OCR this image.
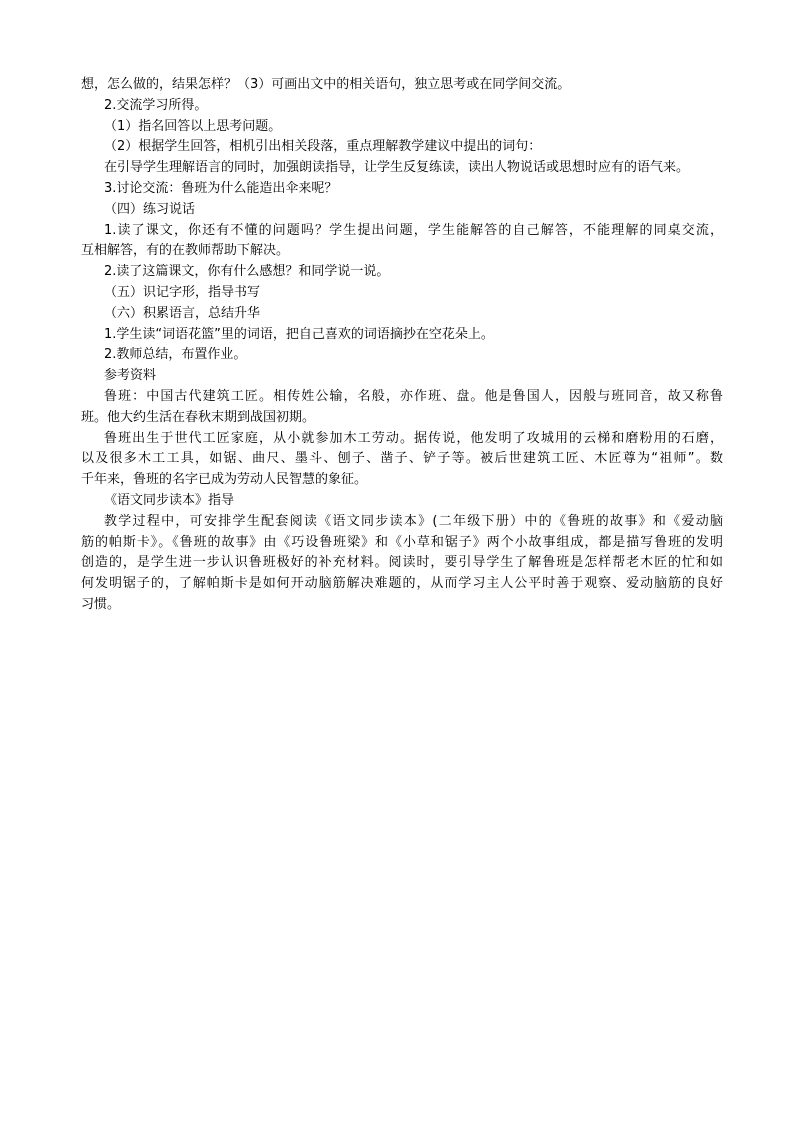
想，怎么做的，结果怎样？（3）可画出文中的相关语句，独立思考或在同学间交流。
2.交流学习所得。
（1）指名回答以上思考问题。
（2）根据学生回答，相机引出相关段落，重点理解教学建议中提出的词句：
在引导学生理解语言的同时，加强朗读指导，让学生反复练读，读出人物说话或思想时应有的语气来。
3.讨论交流：鲁班为什么能造出伞来呢？
（四）练习说话
1.读了课文，你还有不懂的问题吗？学生提出问题，学生能解答的自己解答，不能理解的同桌交流，
互相解答，有的在教师帮助下解决。
2.读了这篇课文，你有什么感想？和同学说一说。
（五）识记字形，指导书写
（六）积累语言，总结升华
1.学生读“词语花篮”里的词语，把自己喜欢的词语摘抄在空花朵上。
2.教师总结，布置作业。
参考资料
鲁班：中国古代建筑工匠。相传姓公输，名般，亦作班、盘。他是鲁国人，因般与班同音，故又称鲁
班。他大约生活在春秋末期到战国初期。
鲁班出生于世代工匠家庭，从小就参加木工劳动。据传说，他发明了攻城用的云梯和磨粉用的石磨，
以及很多木工工具，如锯、曲尺、墨斗、刨子、凿子、铲子等。被后世建筑工匠、木匠尊为“祖师”。数
千年来，鲁班的名字已成为劳动人民智慧的象征。
《语文同步读本》指导
教学过程中，可安排学生配套阅读《语文同步读本》(二年级下册）中的《鲁班的故事》和《爱动脑
筋的帕斯卡》。《鲁班的故事》由《巧设鲁班梁》和《小草和锯子》两个小故事组成，都是描写鲁班的发明
创造的，是学生进一步认识鲁班极好的补充材料。阅读时，要引导学生了解鲁班是怎样帮老木匠的忙和如
何发明锯子的，了解帕斯卡是如何开动脑筋解决难题的，从而学习主人公平时善于观察、爱动脑筋的良好
习惯。
